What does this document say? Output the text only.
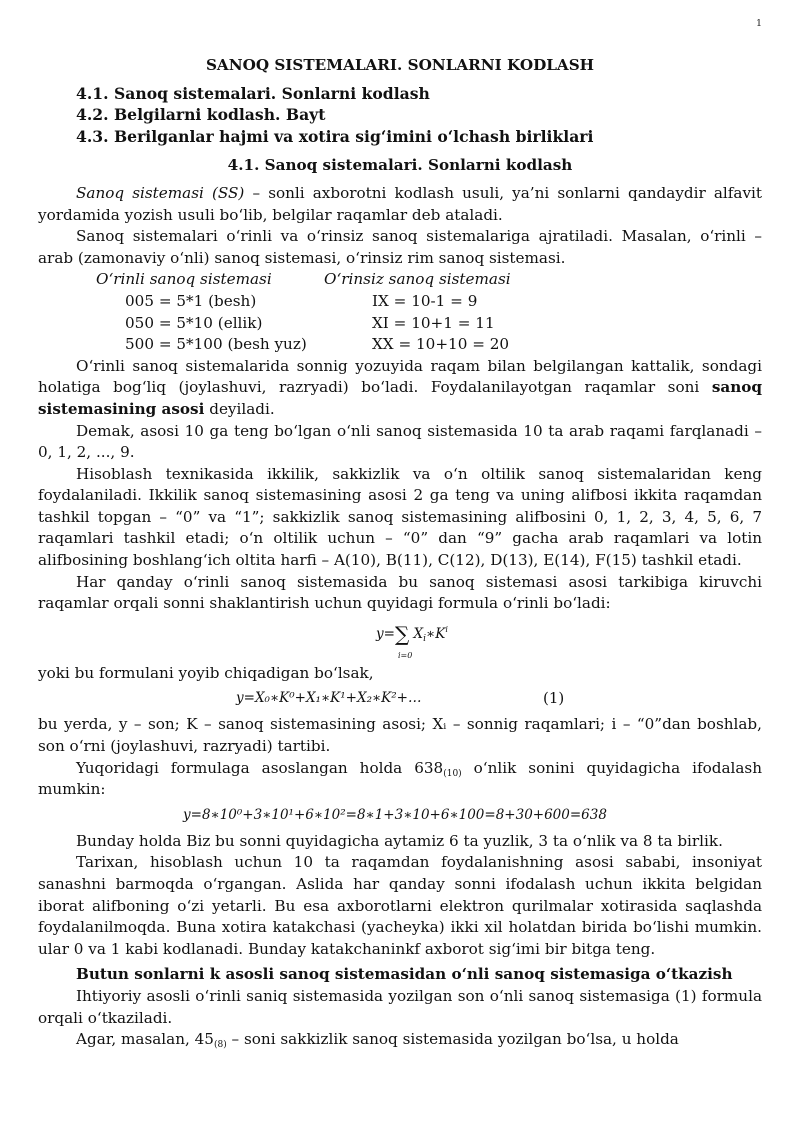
1

SANOQ SISTEMALARI. SONLARNI KODLASH

4.1. Sanoq sistemalari. Sonlarni kodlash

4.2. Belgilarni kodlash. Bayt

4.3. Berilganlar hajmi va xotira sig‘imini o‘lchash birliklari

4.1. Sanoq sistemalari. Sonlarni kodlash

Sanoq sistemasi (SS) – sonli axborotni kodlash usuli, ya’ni sonlarni qandaydir alfavit yordamida yozish usuli bo‘lib, belgilar raqamlar deb ataladi.

Sanoq sistemalari o‘rinli va o‘rinsiz sanoq sistemalariga ajratiladi. Masalan, o‘rinli – arab (zamonaviy o‘nli) sanoq sistemasi, o‘rinsiz rim sanoq sistemasi.

O‘rinli sanoq sistemasi	O‘rinsiz sanoq sistemasi
005 = 5*1 (besh)	IX = 10-1 = 9
050 = 5*10 (ellik)	XI = 10+1 = 11
500 = 5*100 (besh yuz)	XX = 10+10 = 20

O‘rinli sanoq sistemalarida sonnig yozuyida raqam bilan belgilangan kattalik, sondagi holatiga bog‘liq (joylashuvi, razryadi) bo‘ladi. Foydalanilayotgan raqamlar soni sanoq sistemasining asosi deyiladi.

Demak, asosi 10 ga teng bo‘lgan o‘nli sanoq sistemasida 10 ta arab raqami farqlanadi – 0, 1, 2, ..., 9.

Hisoblash texnikasida ikkilik, sakkizlik va o‘n oltilik sanoq sistemalaridan keng foydalaniladi. Ikkilik sanoq sistemasining asosi 2 ga teng va uning alifbosi ikkita raqamdan tashkil topgan – “0” va “1”; sakkizlik sanoq sistemasining alifbosini 0, 1, 2, 3, 4, 5, 6, 7 raqamlari tashkil etadi; o‘n oltilik uchun – “0” dan “9” gacha arab raqamlari va lotin alifbosining boshlang‘ich oltita harfi – A(10), B(11), C(12), D(13), E(14), F(15) tashkil etadi.

Har qanday o‘rinli sanoq sistemasida bu sanoq sistemasi asosi tarkibiga kiruvchi raqamlar orqali sonni shaklantirish uchun quyidagi formula o‘rinli bo‘ladi:

y=∑ $X_i∗K^i$
i=0

yoki bu formulani yoyib chiqadigan bo‘lsak,

y=X₀∗K⁰+X₁∗K¹+X₂∗K²+…	(1)

bu yerda, y – son; K – sanoq sistemasining asosi; Xᵢ – sonnig raqamlari; i – “0”dan boshlab, son o‘rni (joylashuvi, razryadi) tartibi.

Yuqoridagi formulaga asoslangan holda $638_{(10)}$ o‘nlik sonini quyidagicha ifodalash mumkin:

y=8∗10⁰+3∗10¹+6∗10²=8∗1+3∗10+6∗100=8+30+600=638

Bunday holda Biz bu sonni quyidagicha aytamiz 6 ta yuzlik, 3 ta o‘nlik va 8 ta birlik.

Tarixan, hisoblash uchun 10 ta raqamdan foydalanishning asosi sababi, insoniyat sanashni barmoqda o‘rgangan. Aslida har qanday sonni ifodalash uchun ikkita belgidan iborat alifboning o‘zi yetarli. Bu esa axborotlarni elektron qurilmalar xotirasida saqlashda foydalanilmoqda. Buna xotira katakchasi (yacheyka) ikki xil holatdan birida bo‘lishi mumkin. ular 0 va 1 kabi kodlanadi. Bunday katakchaninkf axborot sig‘imi bir bitga teng.

Butun sonlarni k asosli sanoq sistemasidan o‘nli sanoq sistemasiga o‘tkazish

Ihtiyoriy asosli o‘rinli saniq sistemasida yozilgan son o‘nli sanoq sistemasiga (1) formula orqali o‘tkaziladi.

Agar, masalan, $45_{(8)}$ – soni sakkizlik sanoq sistemasida yozilgan bo‘lsa, u holda
